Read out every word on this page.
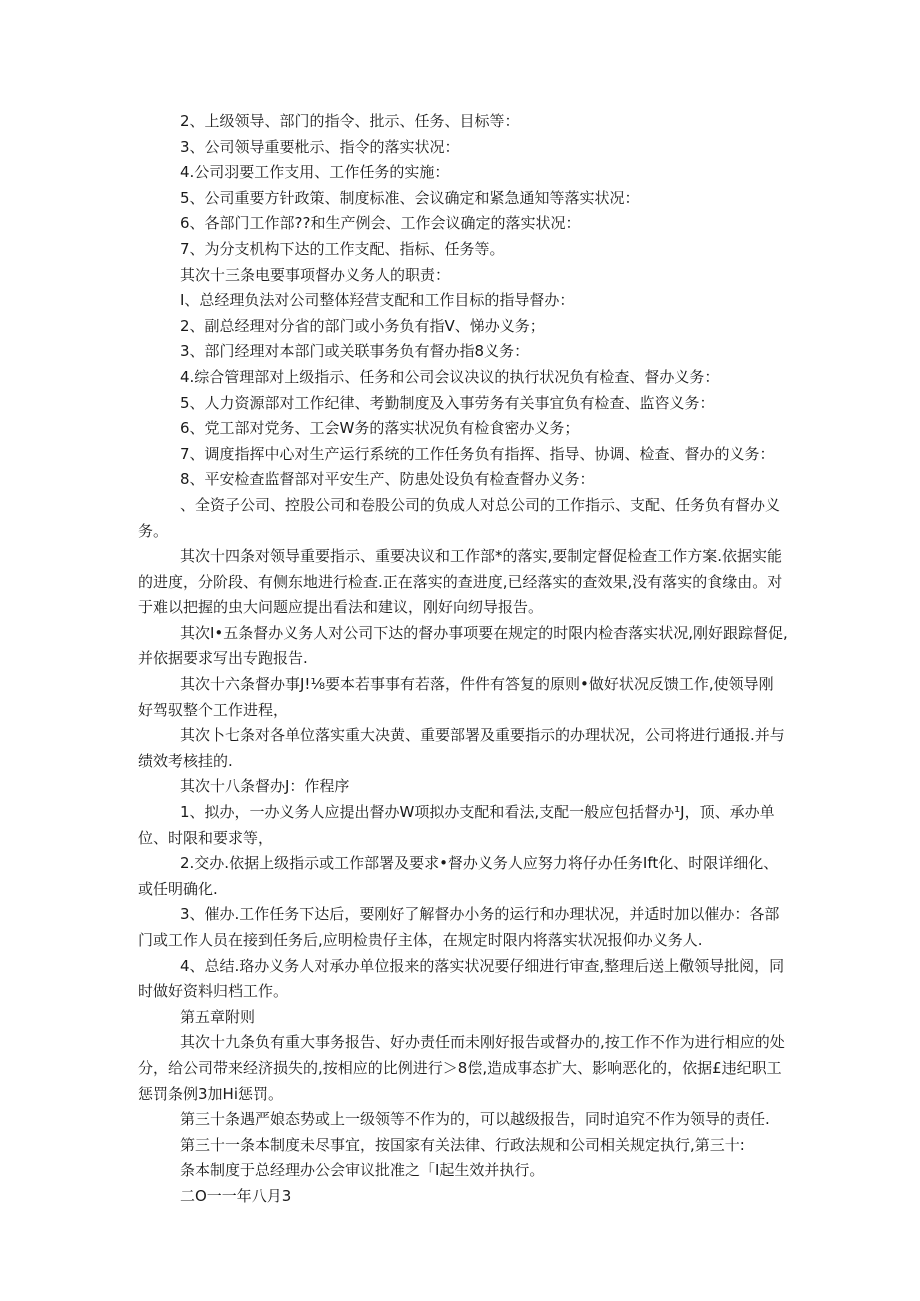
2、上级领导、部门的指令、批示、任务、目标等：

3、公司领导重要枇示、指令的落实状况：

4.公司羽要工作支用、工作任务的实施：

5、公司重要方针政策、制度标准、会议确定和紧急通知等落实状况：

6、各部门工作部??和生产例会、工作会议确定的落实状况：

7、为分支机构下达的工作支配、指标、任务等。

其次十三条电要事项督办义务人的职责：

I、总经理负法对公司整体羟营支配和工作目标的指导督办：

2、副总经理对分省的部门或小务负有指V、悌办义务；

3、部门经理对本部门或关联事务负有督办指8义务：

4.综合管理部对上级指示、任务和公司会议决议的执行状况负有检查、督办义务：

5、人力资源部对工作纪律、考勤制度及入事劳务有关事宜负有检查、监咨义务：

6、党工部对党务、工会W务的落实状况负有检食密办义务；

7、调度指挥中心对生产运行系统的工作任务负有指挥、指导、协调、检查、督办的义务：

8、平安检查监督部对平安生产、防患处设负有检查督办义务：

、全资子公司、控股公司和卷股公司的负成人对总公司的工作指示、支配、任务负有督办义务。

其次十四条对领导重要指示、重要决议和工作部*的落实,要制定督促检查工作方案.依据实能的进度，分阶段、有侧东地进行检查.正在落实的查进度,已经落实的查效果,没有落实的食缘由。对于难以把握的虫大问题应提出看法和建议，刚好向纫导报告。

其次I•五条督办义务人对公司下达的督办事项要在规定的时限内检杳落实状况,刚好跟踪督促,并依据要求写出专跑报告.

其次十六条督办事J!⅛要本若事事有若落，件件有答复的原则•做好状况反馈工作,使领导刚好驾驭整个工作进程，

其次卜七条对各单位落实重大决黄、重要部署及重要指示的办理状况，公司将进行通报.并与绩效考核挂的.

其次十八条督办J：作程序

1、拟办，一办义务人应提出督办W项拟办支配和看法,支配一般应包括督办¹J，顶、承办单位、时限和要求等，

2.交办.依据上级指示或工作部署及要求•督办义务人应努力将仔办任务Ift化、时限详细化、或任明确化.

3、催办.工作任务下达后，要刚好了解督办小务的运行和办理状况，并适时加以催办：各部门或工作人员在接到任务后,应明检贵仔主体，在规定时限内将落实状况报仰办义务人.

4、总结.珞办义务人对承办单位报来的落实状况要仔细进行审查,整理后送上儆领导批阅，同时做好资料归档工作。

第五章附则

其次十九条负有重大事务报告、好办责任而未刚好报告或督办的,按工作不作为进行相应的处分，给公司带来经济损失的,按相应的比例进行＞8偿,造成事态扩大、影响恶化的，依据£违纪职工惩罚条例3加Hi惩罚。

第三十条遇严娘态势或上一级领等不作为的，可以越级报告，同时追究不作为领导的责任.

第三十一条本制度未尽事宜，按国家有关法律、行政法规和公司相关规定执行,第三十:

条本制度于总经理办公会审议批准之「I起生效并执行。

二O一一年八月3
